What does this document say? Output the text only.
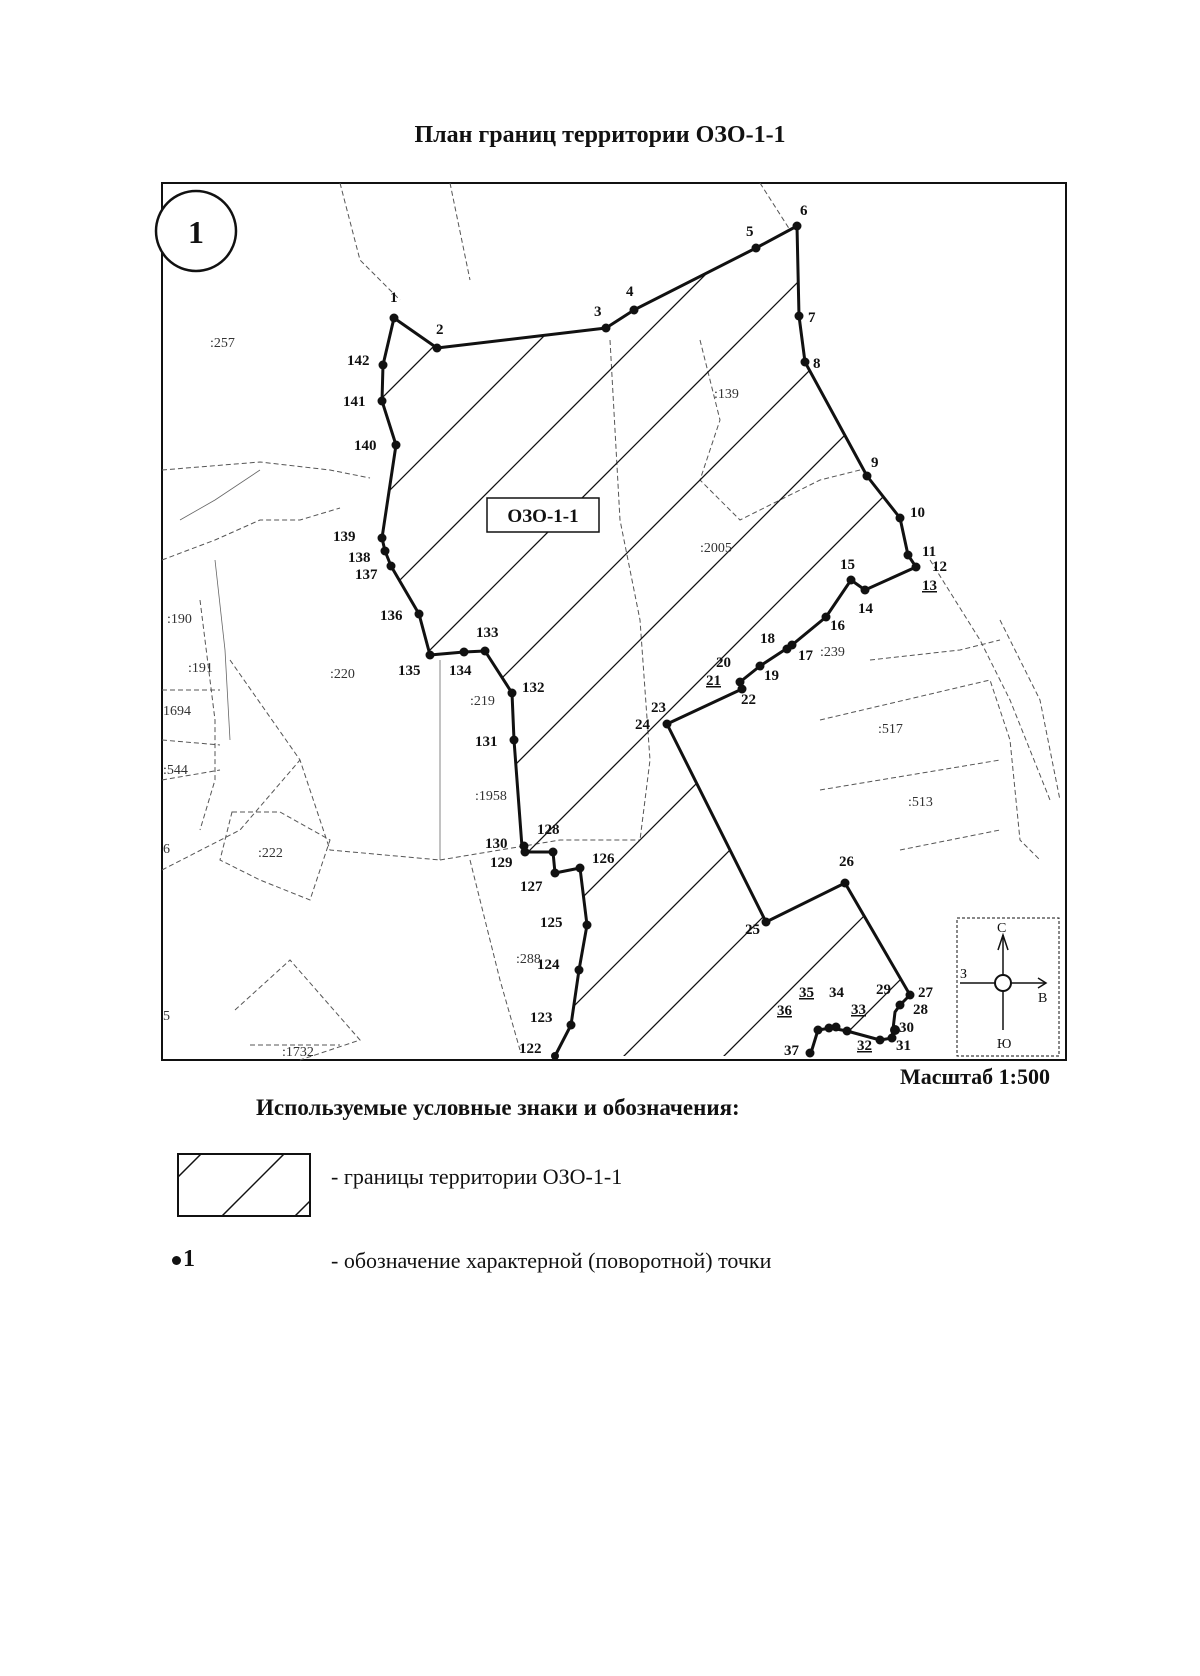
План границ территории ОЗО-1-1
1
2
3
4
5
6
7
8
9
10
11
12
13
14
15
16
17
18
19
20
21
22
23
24
25
26
27
28
29
30
31
32
33
34
35
36
37
122
123
124
125
126
127
128
129
130
131
132
133
134
135
136
137
138
139
140
141
142
:257
:139
:2005
:239
:517
:513
:190
:191	:220
:219
1694
:544
:1958
:222
6
:288
:1732
5
ОЗО-1-1
1
С
В
Ю
З
Масштаб 1:500
Используемые условные знаки и обозначения:
- границы территории ОЗО-1-1
1	- обозначение характерной (поворотной) точки
